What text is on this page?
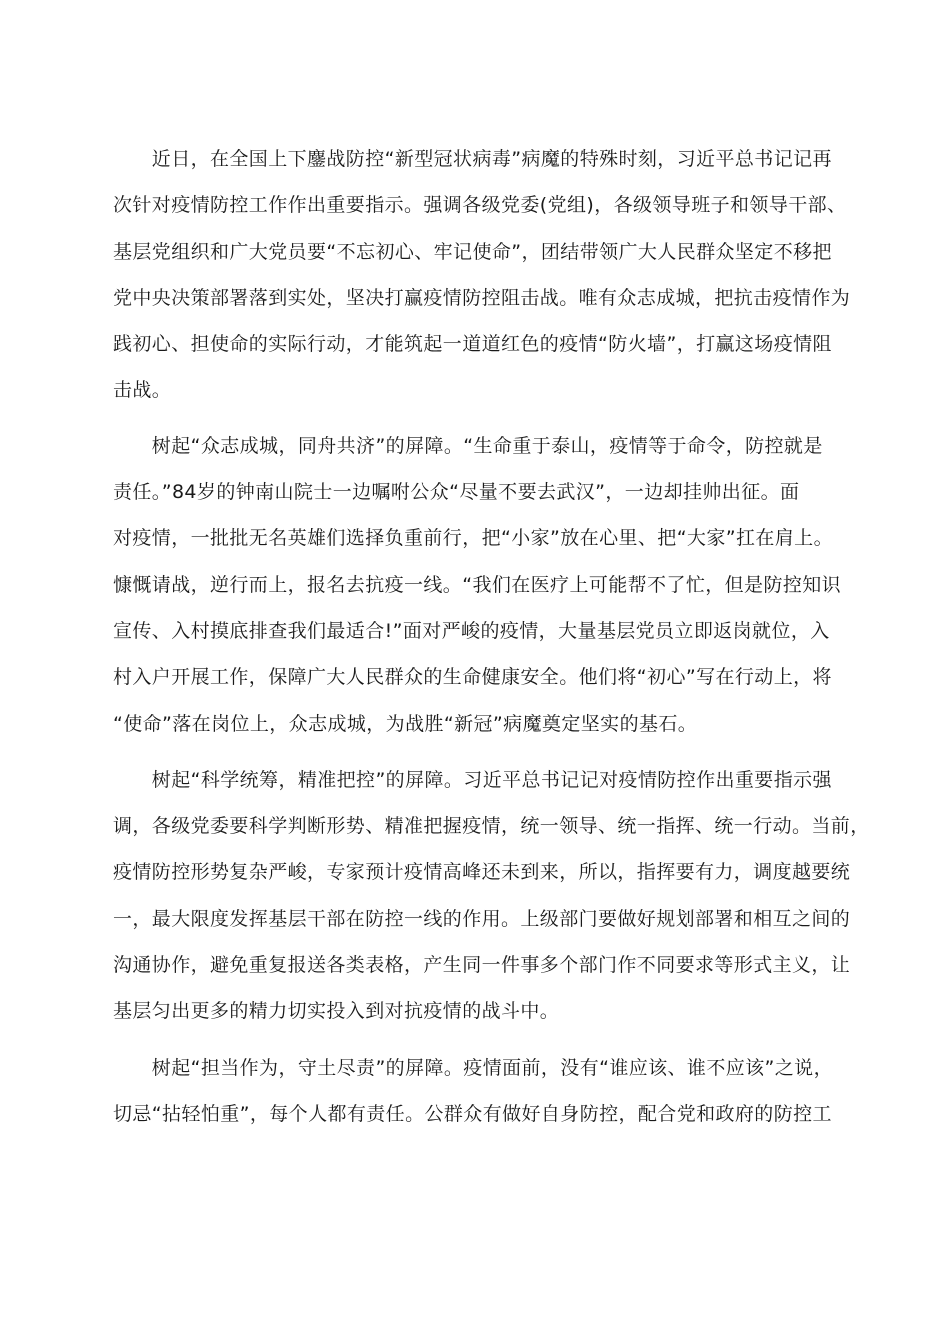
　　近日，在全国上下鏖战防控“新型冠状病毒”病魔的特殊时刻，习近平总书记记再
次针对疫情防控工作作出重要指示。强调各级党委(党组)，各级领导班子和领导干部、
基层党组织和广大党员要“不忘初心、牢记使命”，团结带领广大人民群众坚定不移把
党中央决策部署落到实处，坚决打赢疫情防控阻击战。唯有众志成城，把抗击疫情作为
践初心、担使命的实际行动，才能筑起一道道红色的疫情“防火墙”，打赢这场疫情阻
击战。
　　树起“众志成城，同舟共济”的屏障。“生命重于泰山，疫情等于命令，防控就是
责任。”84岁的钟南山院士一边嘱咐公众“尽量不要去武汉”，一边却挂帅出征。面
对疫情，一批批无名英雄们选择负重前行，把“小家”放在心里、把“大家”扛在肩上。
慷慨请战，逆行而上，报名去抗疫一线。“我们在医疗上可能帮不了忙，但是防控知识
宣传、入村摸底排查我们最适合!”面对严峻的疫情，大量基层党员立即返岗就位，入
村入户开展工作，保障广大人民群众的生命健康安全。他们将“初心”写在行动上，将
“使命”落在岗位上，众志成城，为战胜“新冠”病魔奠定坚实的基石。
　　树起“科学统筹，精准把控”的屏障。习近平总书记记对疫情防控作出重要指示强
调，各级党委要科学判断形势、精准把握疫情，统一领导、统一指挥、统一行动。当前，
疫情防控形势复杂严峻，专家预计疫情高峰还未到来，所以，指挥要有力，调度越要统
一，最大限度发挥基层干部在防控一线的作用。上级部门要做好规划部署和相互之间的
沟通协作，避免重复报送各类表格，产生同一件事多个部门作不同要求等形式主义，让
基层匀出更多的精力切实投入到对抗疫情的战斗中。
　　树起“担当作为，守土尽责”的屏障。疫情面前，没有“谁应该、谁不应该”之说，
切忌“拈轻怕重”，每个人都有责任。公群众有做好自身防控，配合党和政府的防控工
